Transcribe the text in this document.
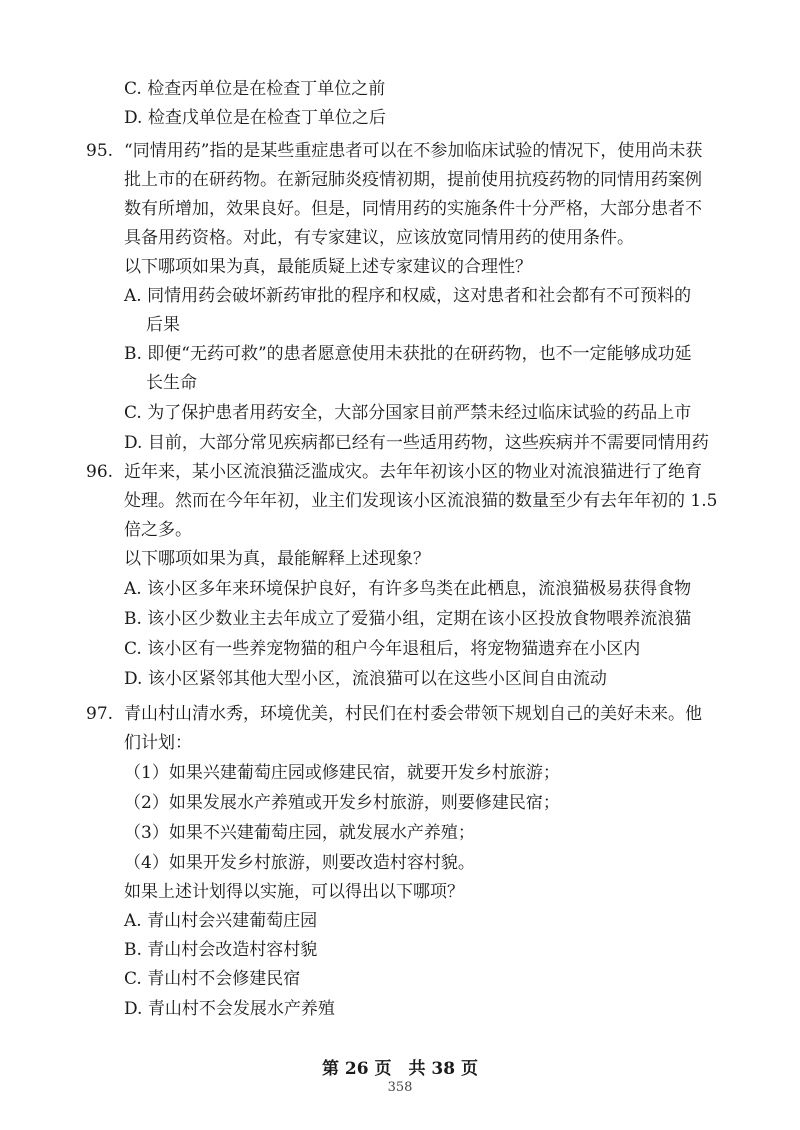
C. 检查丙单位是在检查丁单位之前
D. 检查戊单位是在检查丁单位之后
95. “同情用药”指的是某些重症患者可以在不参加临床试验的情况下，使用尚未获
批上市的在研药物。在新冠肺炎疫情初期，提前使用抗疫药物的同情用药案例
数有所增加，效果良好。但是，同情用药的实施条件十分严格，大部分患者不
具备用药资格。对此，有专家建议，应该放宽同情用药的使用条件。
以下哪项如果为真，最能质疑上述专家建议的合理性？
A. 同情用药会破坏新药审批的程序和权威，这对患者和社会都有不可预料的
后果
B. 即便“无药可救”的患者愿意使用未获批的在研药物，也不一定能够成功延
长生命
C. 为了保护患者用药安全，大部分国家目前严禁未经过临床试验的药品上市
D. 目前，大部分常见疾病都已经有一些适用药物，这些疾病并不需要同情用药
96. 近年来，某小区流浪猫泛滥成灾。去年年初该小区的物业对流浪猫进行了绝育
处理。然而在今年年初，业主们发现该小区流浪猫的数量至少有去年年初的 1.5
倍之多。
以下哪项如果为真，最能解释上述现象？
A. 该小区多年来环境保护良好，有许多鸟类在此栖息，流浪猫极易获得食物
B. 该小区少数业主去年成立了爱猫小组，定期在该小区投放食物喂养流浪猫
C. 该小区有一些养宠物猫的租户今年退租后，将宠物猫遗弃在小区内
D. 该小区紧邻其他大型小区，流浪猫可以在这些小区间自由流动
97. 青山村山清水秀，环境优美，村民们在村委会带领下规划自己的美好未来。他
们计划：
（1）如果兴建葡萄庄园或修建民宿，就要开发乡村旅游；
（2）如果发展水产养殖或开发乡村旅游，则要修建民宿；
（3）如果不兴建葡萄庄园，就发展水产养殖；
（4）如果开发乡村旅游，则要改造村容村貌。
如果上述计划得以实施，可以得出以下哪项？
A. 青山村会兴建葡萄庄园
B. 青山村会改造村容村貌
C. 青山村不会修建民宿
D. 青山村不会发展水产养殖
第 26 页　共 38 页
358
